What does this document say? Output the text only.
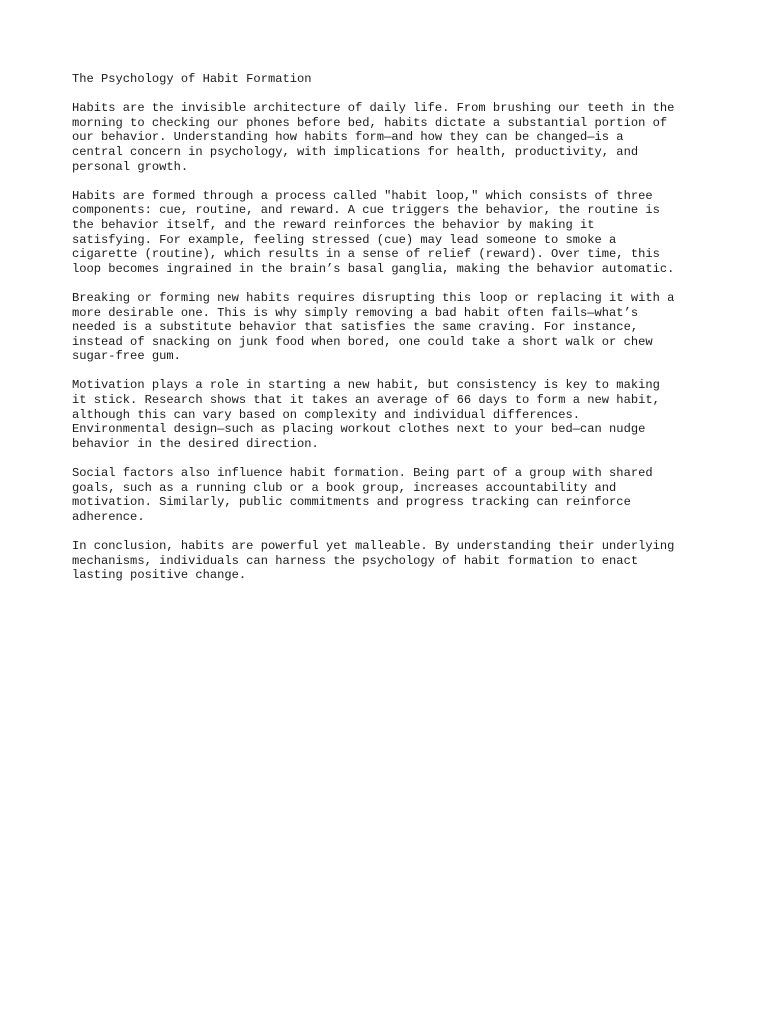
The Psychology of Habit Formation
Habits are the invisible architecture of daily life. From brushing our teeth in the
morning to checking our phones before bed, habits dictate a substantial portion of
our behavior. Understanding how habits form—and how they can be changed—is a
central concern in psychology, with implications for health, productivity, and
personal growth.
Habits are formed through a process called "habit loop," which consists of three
components: cue, routine, and reward. A cue triggers the behavior, the routine is
the behavior itself, and the reward reinforces the behavior by making it
satisfying. For example, feeling stressed (cue) may lead someone to smoke a
cigarette (routine), which results in a sense of relief (reward). Over time, this
loop becomes ingrained in the brain’s basal ganglia, making the behavior automatic.
Breaking or forming new habits requires disrupting this loop or replacing it with a
more desirable one. This is why simply removing a bad habit often fails—what’s
needed is a substitute behavior that satisfies the same craving. For instance,
instead of snacking on junk food when bored, one could take a short walk or chew
sugar-free gum.
Motivation plays a role in starting a new habit, but consistency is key to making
it stick. Research shows that it takes an average of 66 days to form a new habit,
although this can vary based on complexity and individual differences.
Environmental design—such as placing workout clothes next to your bed—can nudge
behavior in the desired direction.
Social factors also influence habit formation. Being part of a group with shared
goals, such as a running club or a book group, increases accountability and
motivation. Similarly, public commitments and progress tracking can reinforce
adherence.
In conclusion, habits are powerful yet malleable. By understanding their underlying
mechanisms, individuals can harness the psychology of habit formation to enact
lasting positive change.
